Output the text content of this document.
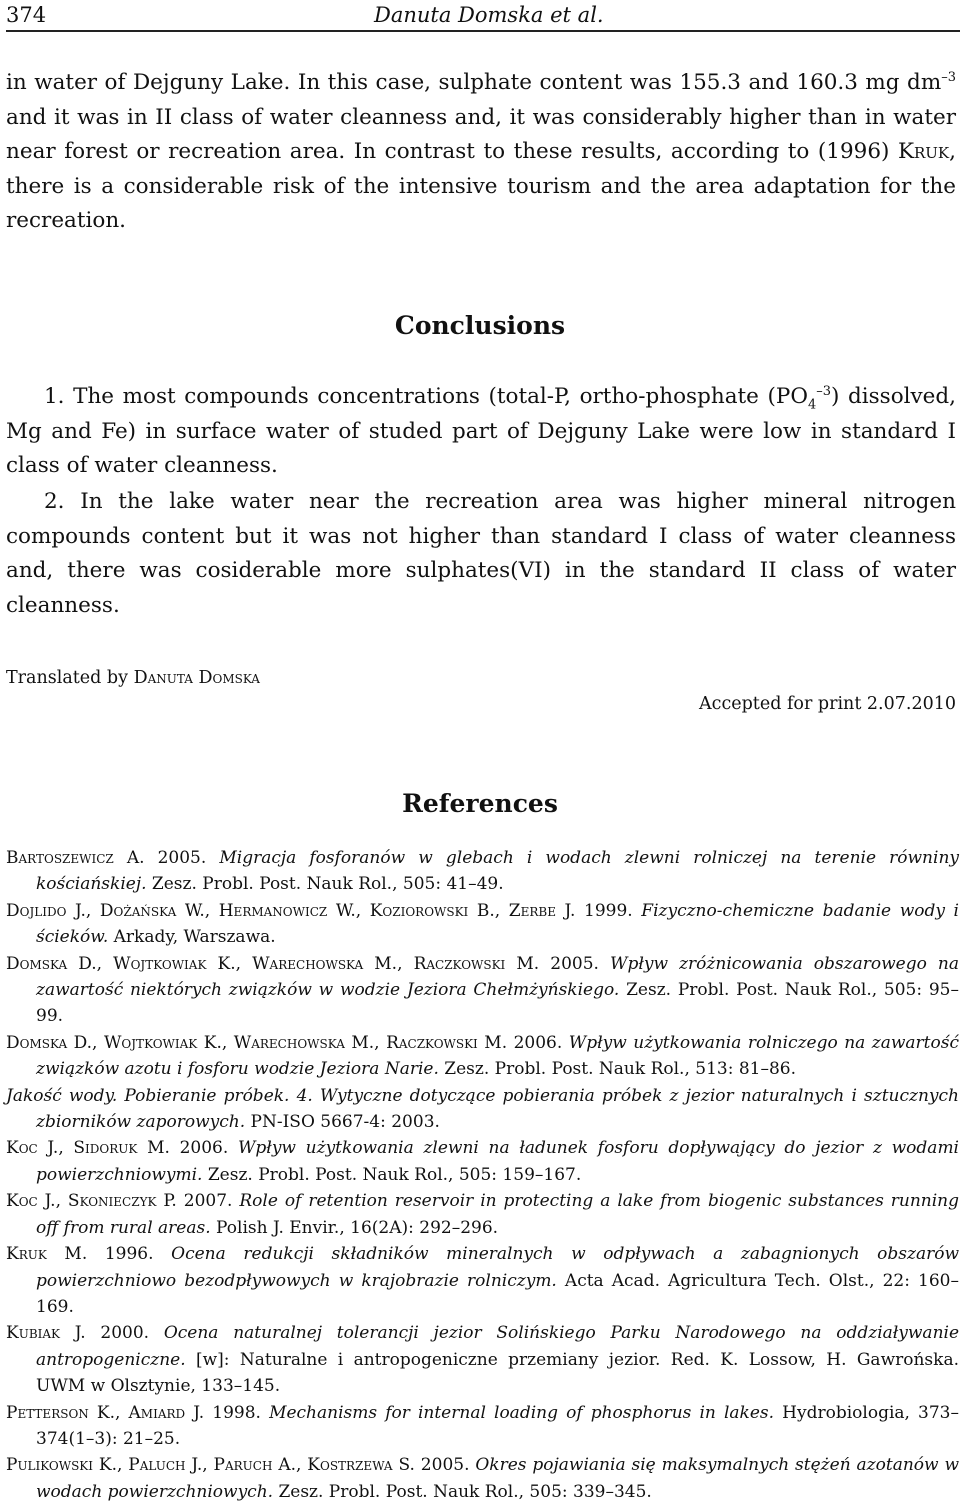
374	Danuta Domska et al.

in water of Dejguny Lake. In this case, sulphate content was 155.3 and 160.3 mg $dm^{-3}$ and it was in II class of water cleanness and, it was considerably higher than in water near forest or recreation area. In contrast to these results, according to (1996) Kruk, there is a considerable risk of the intensive tourism and the area adaptation for the recreation.

Conclusions

1. The most compounds concentrations (total-P, ortho-phosphate $(PO_4^{-3})$ dissolved, Mg and Fe) in surface water of studed part of Dejguny Lake were low in standard I class of water cleanness.

2. In the lake water near the recreation area was higher mineral nitrogen compounds content but it was not higher than standard I class of water cleanness and, there was cosiderable more sulphates(VI) in the standard II class of water cleanness.

Translated by Danuta Domska
Accepted for print 2.07.2010
References

Bartoszewicz A. 2005. Migracja fosforanów w glebach i wodach zlewni rolniczej na terenie równiny kościańskiej. Zesz. Probl. Post. Nauk Rol., 505: 41–49.

Dojlido J., Dożańska W., Hermanowicz W., Koziorowski B., Zerbe J. 1999. Fizyczno-chemiczne badanie wody i ścieków. Arkady, Warszawa.

Domska D., Wojtkowiak K., Warechowska M., Raczkowski M. 2005. Wpływ zróżnicowania obszarowego na zawartość niektórych związków w wodzie Jeziora Chełmżyńskiego. Zesz. Probl. Post. Nauk Rol., 505: 95–99.

Domska D., Wojtkowiak K., Warechowska M., Raczkowski M. 2006. Wpływ użytkowania rolniczego na zawartość związków azotu i fosforu wodzie Jeziora Narie. Zesz. Probl. Post. Nauk Rol., 513: 81–86.

Jakość wody. Pobieranie próbek. 4. Wytyczne dotyczące pobierania próbek z jezior naturalnych i sztucznych zbiorników zaporowych. PN-ISO 5667-4: 2003.

Koc J., Sidoruk M. 2006. Wpływ użytkowania zlewni na ładunek fosforu dopływający do jezior z wodami powierzchniowymi. Zesz. Probl. Post. Nauk Rol., 505: 159–167.

Koc J., Skonieczyk P. 2007. Role of retention reservoir in protecting a lake from biogenic substances running off from rural areas. Polish J. Envir., 16(2A): 292–296.

Kruk M. 1996. Ocena redukcji składników mineralnych w odpływach a zabagnionych obszarów powierzchniowo bezodpływowych w krajobrazie rolniczym. Acta Acad. Agricultura Tech. Olst., 22: 160–169.

Kubiak J. 2000. Ocena naturalnej tolerancji jezior Solińskiego Parku Narodowego na oddziaływanie antropogeniczne. [w]: Naturalne i antropogeniczne przemiany jezior. Red. K. Lossow, H. Gawrońska. UWM w Olsztynie, 133–145.

Petterson K., Amiard J. 1998. Mechanisms for internal loading of phosphorus in lakes. Hydrobiologia, 373–374(1–3): 21–25.

Pulikowski K., Paluch J., Paruch A., Kostrzewa S. 2005. Okres pojawiania się maksymalnych stężeń azotanów w wodach powierzchniowych. Zesz. Probl. Post. Nauk Rol., 505: 339–345.
